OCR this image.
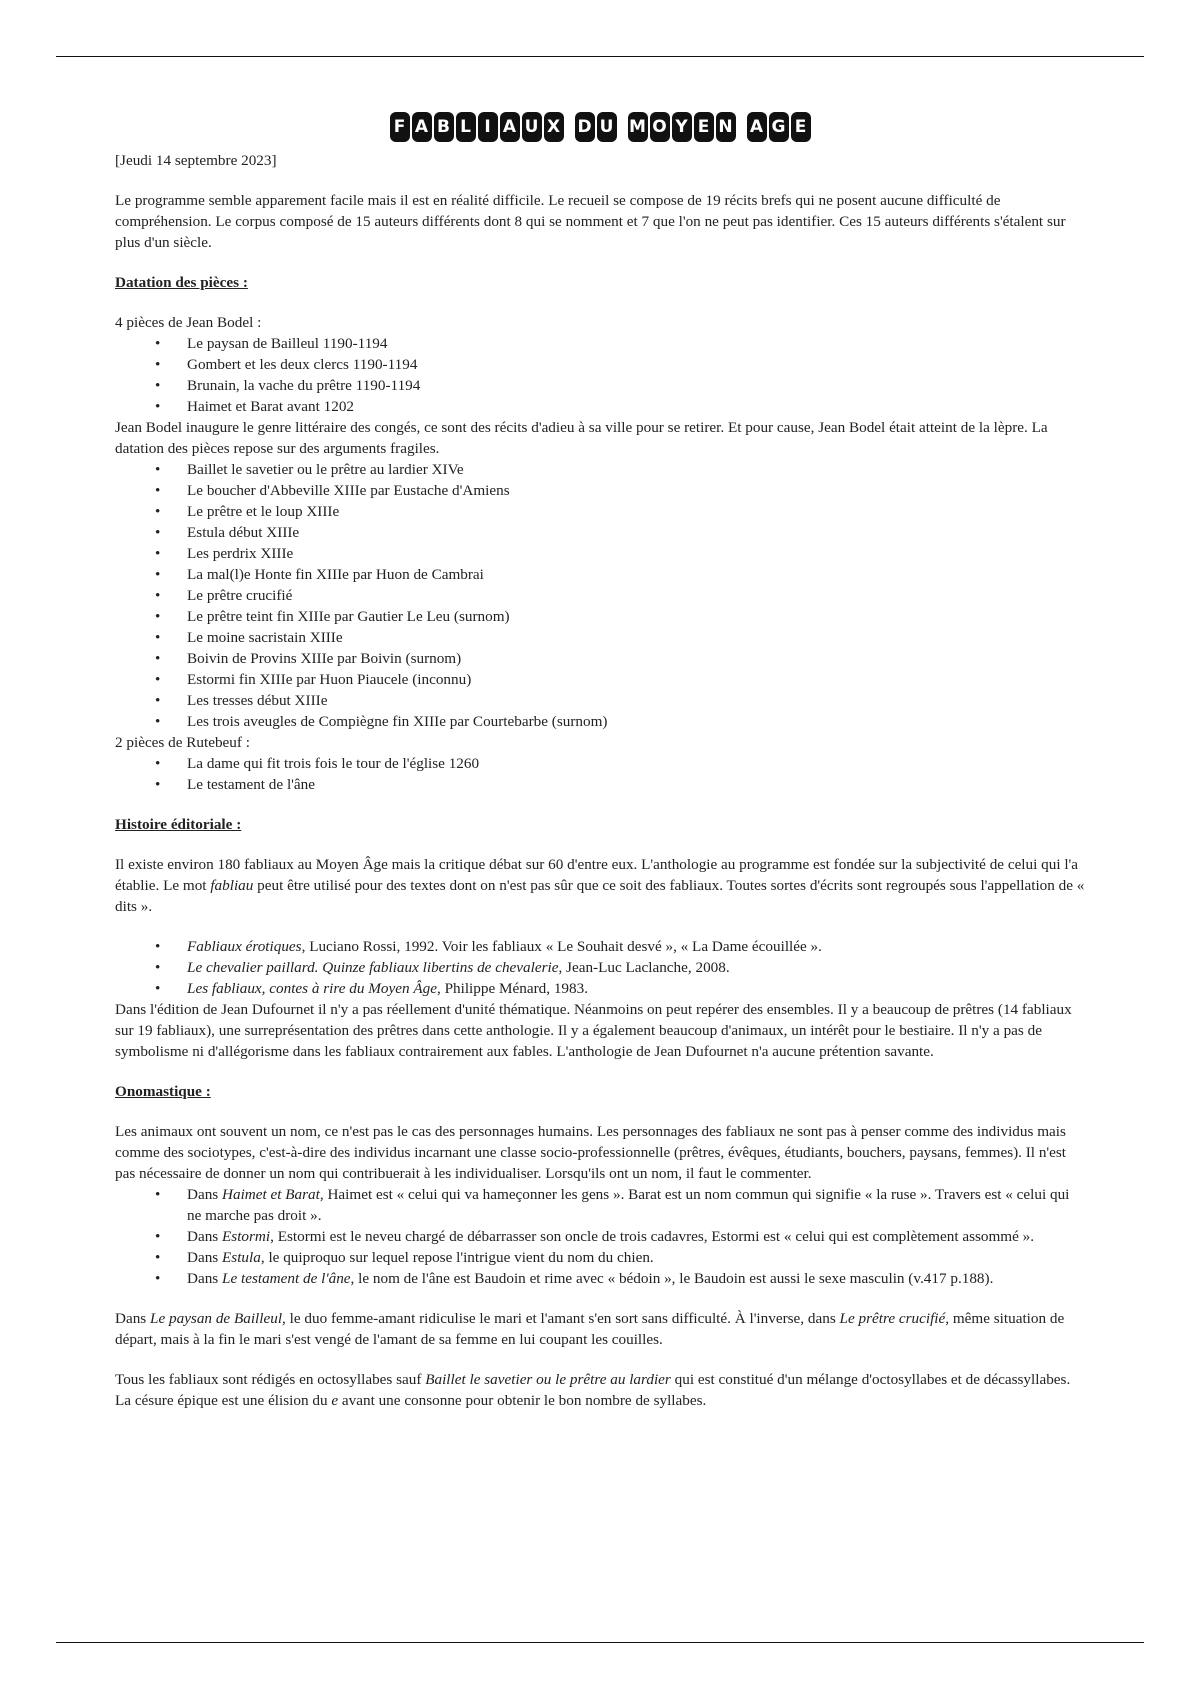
F A B L I A U X D U M O Y E N A G E

[Jeudi 14 septembre 2023]

Le programme semble apparement facile mais il est en réalité difficile. Le recueil se compose de 19 récits brefs qui ne posent aucune difficulté de compréhension. Le corpus composé de 15 auteurs différents dont 8 qui se nomment et 7 que l'on ne peut pas identifier. Ces 15 auteurs différents s'étalent sur plus d'un siècle.

Datation des pièces :

4 pièces de Jean Bodel :

• Le paysan de Bailleul 1190-1194
• Gombert et les deux clercs 1190-1194
• Brunain, la vache du prêtre 1190-1194
• Haimet et Barat avant 1202

Jean Bodel inaugure le genre littéraire des congés, ce sont des récits d'adieu à sa ville pour se retirer. Et pour cause, Jean Bodel était atteint de la lèpre. La datation des pièces repose sur des arguments fragiles.

• Baillet le savetier ou le prêtre au lardier XIVe
• Le boucher d'Abbeville XIIIe par Eustache d'Amiens
• Le prêtre et le loup XIIIe
• Estula début XIIIe
• Les perdrix XIIIe
• La mal(l)e Honte fin XIIIe par Huon de Cambrai
• Le prêtre crucifié
• Le prêtre teint fin XIIIe par Gautier Le Leu (surnom)
• Le moine sacristain XIIIe
• Boivin de Provins XIIIe par Boivin (surnom)
• Estormi fin XIIIe par Huon Piaucele (inconnu)
• Les tresses début XIIIe
• Les trois aveugles de Compiègne fin XIIIe par Courtebarbe (surnom)

2 pièces de Rutebeuf :

• La dame qui fit trois fois le tour de l'église 1260
• Le testament de l'âne

Histoire éditoriale :

Il existe environ 180 fabliaux au Moyen Âge mais la critique débat sur 60 d'entre eux. L'anthologie au programme est fondée sur la subjectivité de celui qui l'a établie. Le mot fabliau peut être utilisé pour des textes dont on n'est pas sûr que ce soit des fabliaux. Toutes sortes d'écrits sont regroupés sous l'appellation de « dits ».

• Fabliaux érotiques, Luciano Rossi, 1992. Voir les fabliaux « Le Souhait desvé », « La Dame écouillée ».
• Le chevalier paillard. Quinze fabliaux libertins de chevalerie, Jean-Luc Laclanche, 2008.
• Les fabliaux, contes à rire du Moyen Âge, Philippe Ménard, 1983.

Dans l'édition de Jean Dufournet il n'y a pas réellement d'unité thématique. Néanmoins on peut repérer des ensembles. Il y a beaucoup de prêtres (14 fabliaux sur 19 fabliaux), une surreprésentation des prêtres dans cette anthologie. Il y a également beaucoup d'animaux, un intérêt pour le bestiaire. Il n'y a pas de symbolisme ni d'allégorisme dans les fabliaux contrairement aux fables. L'anthologie de Jean Dufournet n'a aucune prétention savante.

Onomastique :

Les animaux ont souvent un nom, ce n'est pas le cas des personnages humains. Les personnages des fabliaux ne sont pas à penser comme des individus mais comme des sociotypes, c'est-à-dire des individus incarnant une classe socio-professionnelle (prêtres, évêques, étudiants, bouchers, paysans, femmes). Il n'est pas nécessaire de donner un nom qui contribuerait à les individualiser. Lorsqu'ils ont un nom, il faut le commenter.

• Dans Haimet et Barat, Haimet est « celui qui va hameçonner les gens ». Barat est un nom commun qui signifie « la ruse ». Travers est « celui qui ne marche pas droit ».
• Dans Estormi, Estormi est le neveu chargé de débarrasser son oncle de trois cadavres, Estormi est « celui qui est complètement assommé ».
• Dans Estula, le quiproquo sur lequel repose l'intrigue vient du nom du chien.
• Dans Le testament de l'âne, le nom de l'âne est Baudoin et rime avec « bédoin », le Baudoin est aussi le sexe masculin (v.417 p.188).

Dans Le paysan de Bailleul, le duo femme-amant ridiculise le mari et l'amant s'en sort sans difficulté. À l'inverse, dans Le prêtre crucifié, même situation de départ, mais à la fin le mari s'est vengé de l'amant de sa femme en lui coupant les couilles.

Tous les fabliaux sont rédigés en octosyllabes sauf Baillet le savetier ou le prêtre au lardier qui est constitué d'un mélange d'octosyllabes et de décassyllabes. La césure épique est une élision du e avant une consonne pour obtenir le bon nombre de syllabes.
